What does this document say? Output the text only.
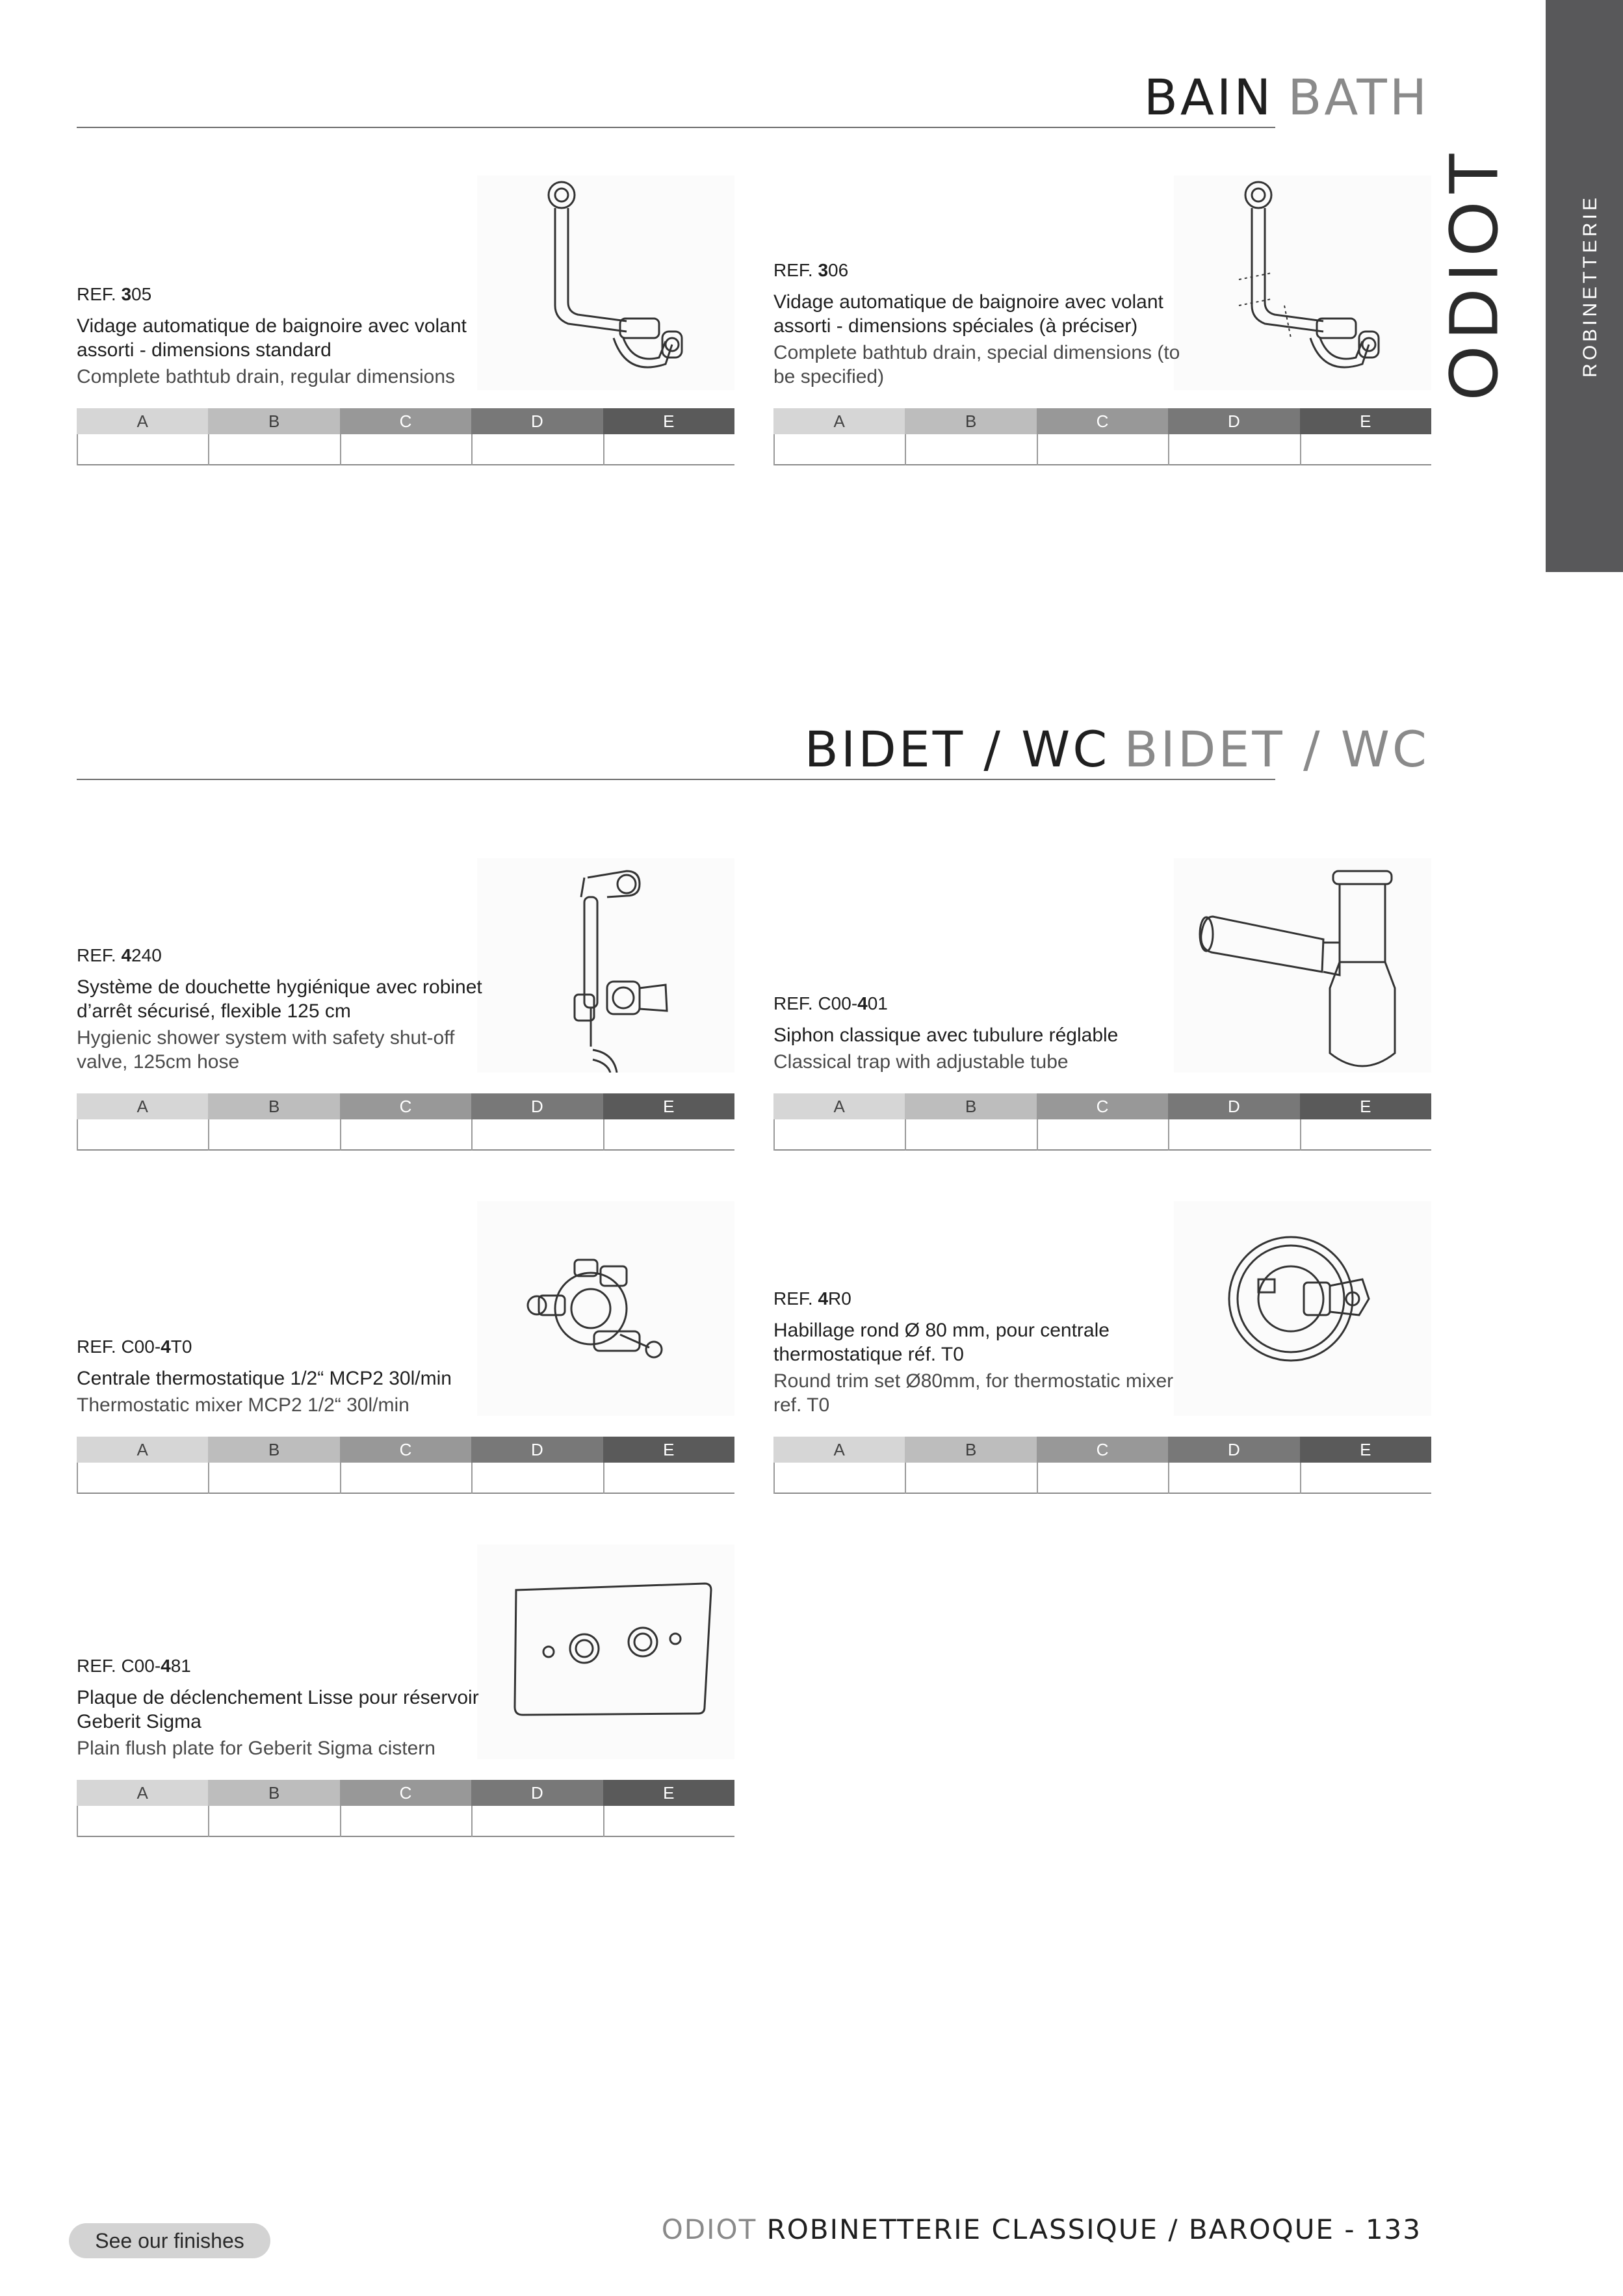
ROBINETTERIE
ODIOT
BAIN BATH
REF. 305
Vidage automatique de baignoire avec volant assorti - dimensions standard
Complete bathtub drain, regular dimensions
A	B	C	D	E
REF. 306
Vidage automatique de baignoire avec volant assorti - dimensions spéciales (à préciser)
Complete bathtub drain, special dimensions (to be specified)
A	B	C	D	E
BIDET / WC BIDET / WC
REF. 4240
Système de douchette hygiénique avec robinet d’arrêt sécurisé, flexible 125 cm
Hygienic shower system with safety shut-off valve, 125cm hose
A	B	C	D	E
REF. C00-401
Siphon classique avec tubulure réglable
Classical trap with adjustable tube
A	B	C	D	E
REF. C00-4T0
Centrale thermostatique 1/2“ MCP2 30l/min
Thermostatic mixer MCP2 1/2“ 30l/min
A	B	C	D	E
REF. 4R0
Habillage rond Ø 80 mm, pour centrale thermostatique réf. T0
Round trim set Ø80mm, for thermostatic mixer ref. T0
A	B	C	D	E
REF. C00-481
Plaque de déclenchement Lisse pour réservoir Geberit Sigma
Plain flush plate for Geberit Sigma cistern
A	B	C	D	E
See our finishes	ODIOT ROBINETTERIE CLASSIQUE / BAROQUE - 133
